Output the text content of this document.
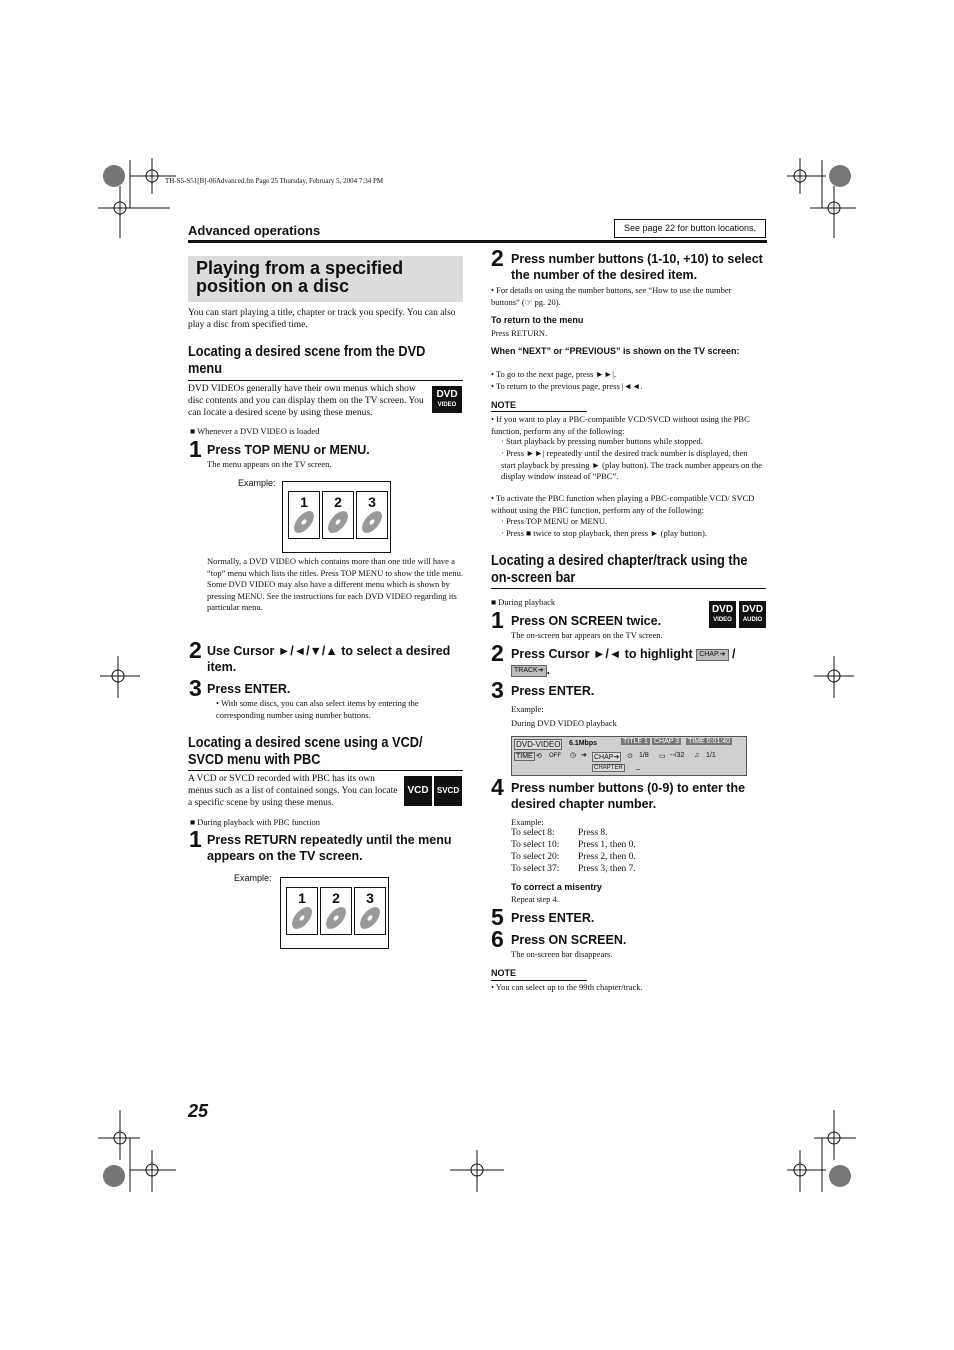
TH-S5-S51[B]-06Advanced.fm Page 25 Thursday, February 5, 2004 7:34 PM
Advanced operations	See page 22 for button locations.
Playing from a specified position on a disc
You can start playing a title, chapter or track you specify. You can also play a disc from specified time.
Locating a desired scene from the DVD menu
DVD VIDEOs generally have their own menus which show disc contents and you can display them on the TV screen. You can locate a desired scene by using these menus.
DVD
VIDEO
■ Whenever a DVD VIDEO is loaded
1 Press TOP MENU or MENU.
The menu appears on the TV screen.
Example:
1	2	3
Normally, a DVD VIDEO which contains more than one title will have a “top” menu which lists the titles. Press TOP MENU to show the title menu. Some DVD VIDEO may also have a different menu which is shown by pressing MENU. See the instructions for each DVD VIDEO regarding its particular menu.
2 Use Cursor ►/◄/▼/▲ to select a desired item.
3 Press ENTER.
• With some discs, you can also select items by entering the corresponding number using number buttons.
Locating a desired scene using a VCD/ SVCD menu with PBC
A VCD or SVCD recorded with PBC has its own menus such as a list of contained songs. You can locate a specific scene by using these menus.
VCD	SVCD
■ During playback with PBC function
1 Press RETURN repeatedly until the menu appears on the TV screen.
Example:
1	2	3
2 Press number buttons (1-10, +10) to select the number of the desired item.
• For details on using the number buttons, see “How to use the number buttons” (☞ pg. 20).
To return to the menu
Press RETURN.
When “NEXT” or “PREVIOUS” is shown on the TV screen:
• To go to the next page, press ►►|.
• To return to the previous page, press |◄◄.
NOTE
• If you want to play a PBC-compatible VCD/SVCD without using the PBC function, perform any of the following:
· Start playback by pressing number buttons while stopped.
· Press ►►| repeatedly until the desired track number is displayed, then start playback by pressing ► (play button). The track number appears on the display window instead of “PBC”.
• To activate the PBC function when playing a PBC-compatible VCD/ SVCD without using the PBC function, perform any of the following:
· Press TOP MENU or MENU.
· Press ■ twice to stop playback, then press ► (play button).
Locating a desired chapter/track using the on-screen bar
■ During playback
DVD
VIDEO
DVD
AUDIO
1 Press ON SCREEN twice.
The on-screen bar appears on the TV screen.
2 Press Cursor ►/◄ to highlight CHAP.➔ /
TRACK➔ .
3 Press ENTER.
Example:
During DVD VIDEO playback
DVD-VIDEO 6.1Mbps	TITLE 1 CHAP 3 TIME 0:01:40
TIME ⟲ OFF ◷ ➔ CHAP➔ ⊙ 1/8 ▭ --/32 ♫ 1/1
CHAPTER _
4 Press number buttons (0-9) to enter the desired chapter number.
Example:
To select 8:	Press 8.
To select 10:	Press 1, then 0.
To select 20:	Press 2, then 0.
To select 37:	Press 3, then 7.
To correct a misentry
Repeat step 4.
5 Press ENTER.
6 Press ON SCREEN.
The on-screen bar disappears.
NOTE
• You can select up to the 99th chapter/track.
25
